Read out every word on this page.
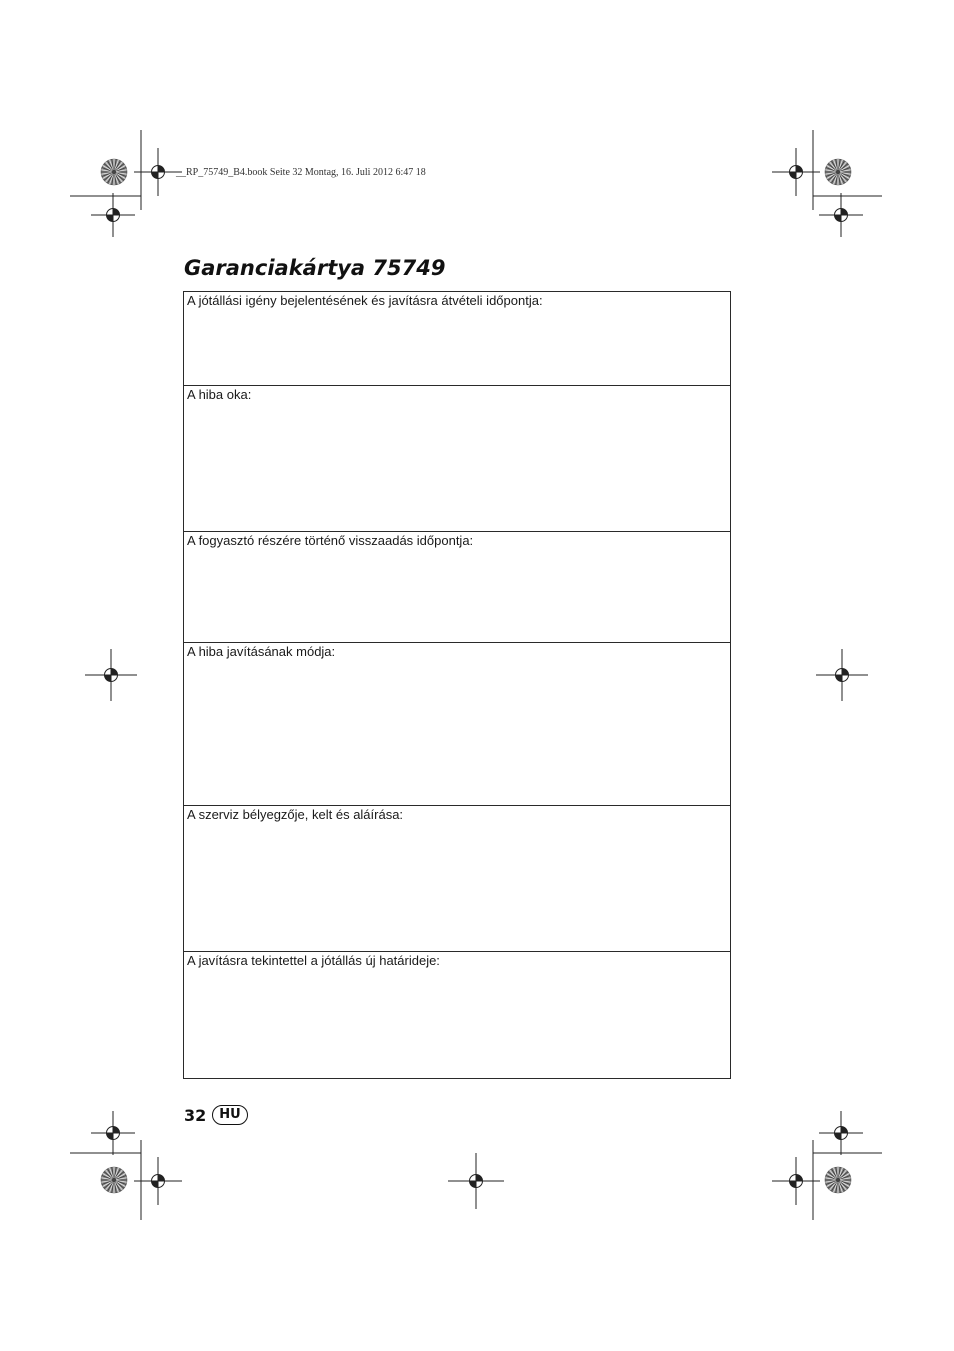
__RP_75749_B4.book Seite 32 Montag, 16. Juli 2012 6:47 18
Garanciakártya 75749
A jótállási igény bejelentésének és javításra átvételi időpontja:
A hiba oka:
A fogyasztó részére történő visszaadás időpontja:
A hiba javításának módja:
A szerviz bélyegzője, kelt és aláírása:
A javításra tekintettel a jótállás új határideje:
32	HU
